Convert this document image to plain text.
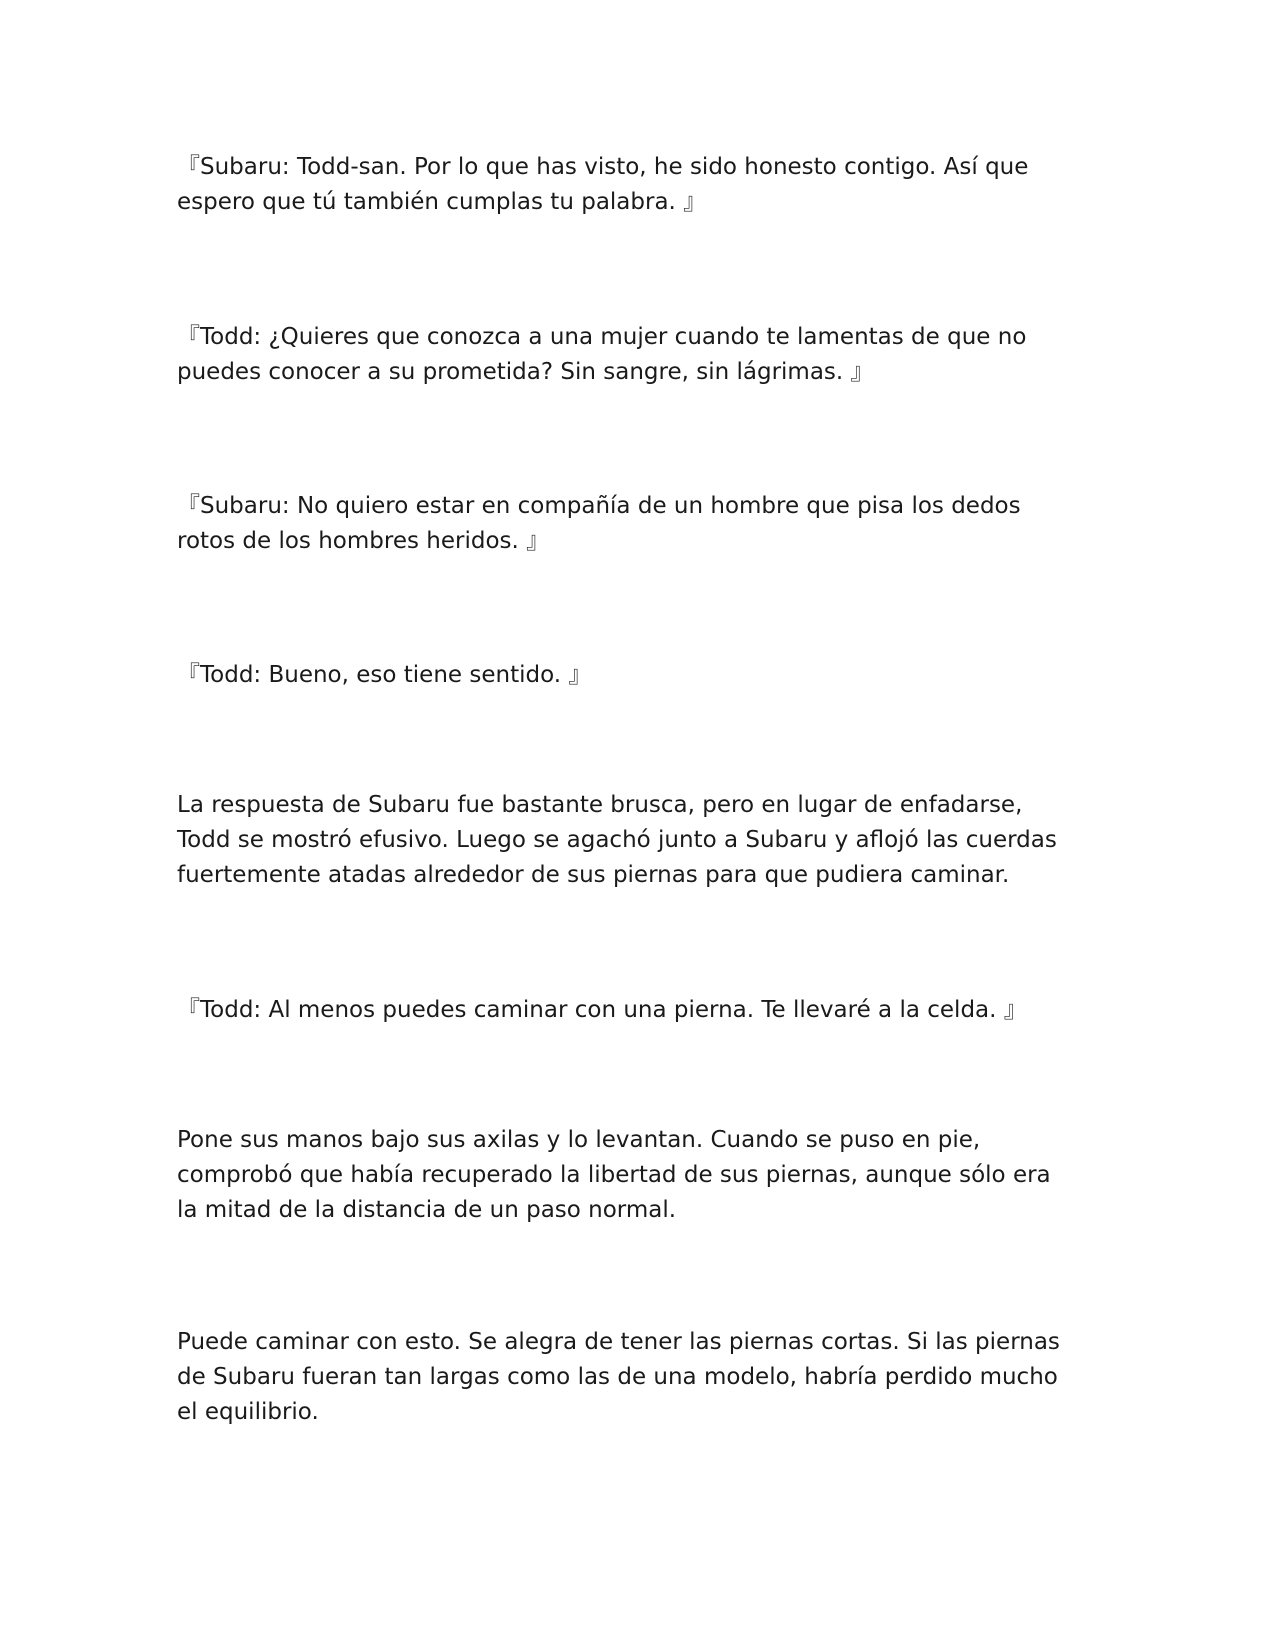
『Subaru: Todd-san. Por lo que has visto, he sido honesto contigo. Así que
espero que tú también cumplas tu palabra. 』

『Todd: ¿Quieres que conozca a una mujer cuando te lamentas de que no
puedes conocer a su prometida? Sin sangre, sin lágrimas. 』

『Subaru: No quiero estar en compañía de un hombre que pisa los dedos
rotos de los hombres heridos. 』

『Todd: Bueno, eso tiene sentido. 』

La respuesta de Subaru fue bastante brusca, pero en lugar de enfadarse,
Todd se mostró efusivo. Luego se agachó junto a Subaru y aflojó las cuerdas
fuertemente atadas alrededor de sus piernas para que pudiera caminar.

『Todd: Al menos puedes caminar con una pierna. Te llevaré a la celda. 』

Pone sus manos bajo sus axilas y lo levantan. Cuando se puso en pie,
comprobó que había recuperado la libertad de sus piernas, aunque sólo era
la mitad de la distancia de un paso normal.

Puede caminar con esto. Se alegra de tener las piernas cortas. Si las piernas
de Subaru fueran tan largas como las de una modelo, habría perdido mucho
el equilibrio.
